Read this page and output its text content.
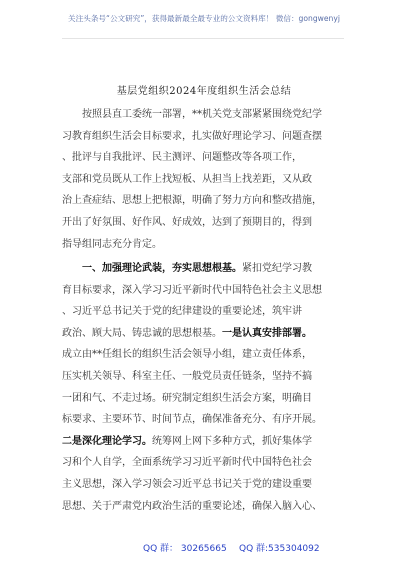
关注头条号“公文研究”，获得最新最全最专业的公文资料库！ 微信：gongwenyj
基层党组织2024年度组织生活会总结
　　按照县直工委统一部署，**机关党支部紧紧围绕党纪学
习教育组织生活会目标要求，扎实做好理论学习、问题查摆
、批评与自我批评、民主测评、问题整改等各项工作，
支部和党员既从工作上找短板、从担当上找差距，又从政
治上查症结、思想上把根源，明确了努力方向和整改措施，
开出了好氛围、好作风、好成效，达到了预期目的，得到
指导组同志充分肯定。
　　一、加强理论武装，夯实思想根基。紧扣党纪学习教
育目标要求，深入学习习近平新时代中国特色社会主义思想
、习近平总书记关于党的纪律建设的重要论述，筑牢讲
政治、顾大局、铸忠诚的思想根基。一是认真安排部署。
成立由**任组长的组织生活会领导小组，建立责任体系，
压实机关领导、科室主任、一般党员责任链条，坚持不搞
一团和气、不走过场。研究制定组织生活会方案，明确目
标要求、主要环节、时间节点，确保准备充分、有序开展。
二是深化理论学习。统筹网上网下多种方式，抓好集体学
习和个人自学，全面系统学习习近平新时代中国特色社会
主义思想，深入学习领会习近平总书记关于党的建设重要
思想、关于严肃党内政治生活的重要论述，确保入脑入心、
QQ 群： 30265665 QQ 群:535304092
